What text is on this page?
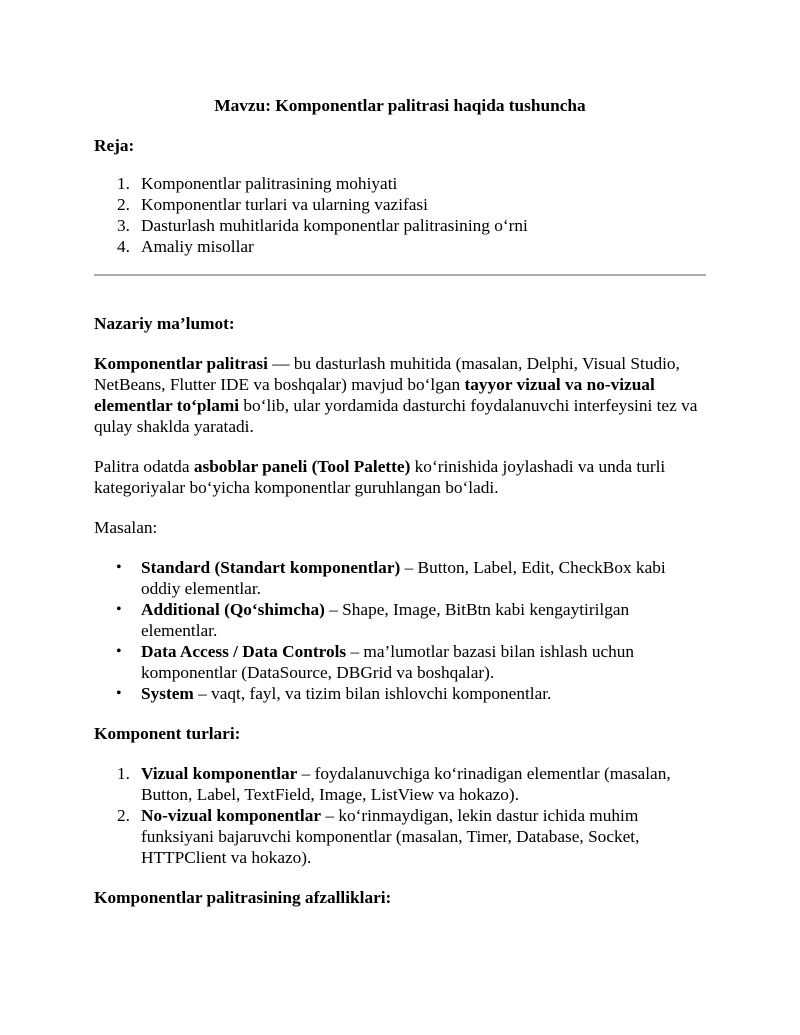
Mavzu: Komponentlar palitrasi haqida tushuncha

Reja:

1. Komponentlar palitrasining mohiyati
2. Komponentlar turlari va ularning vazifasi
3. Dasturlash muhitlarida komponentlar palitrasining o‘rni
4. Amaliy misollar

Nazariy ma’lumot:

Komponentlar palitrasi — bu dasturlash muhitida (masalan, Delphi, Visual Studio, NetBeans, Flutter IDE va boshqalar) mavjud bo‘lgan tayyor vizual va no-vizual elementlar to‘plami bo‘lib, ular yordamida dasturchi foydalanuvchi interfeysini tez va qulay shaklda yaratadi.

Palitra odatda asboblar paneli (Tool Palette) ko‘rinishida joylashadi va unda turli kategoriyalar bo‘yicha komponentlar guruhlangan bo‘ladi.

Masalan:

• Standard (Standart komponentlar) – Button, Label, Edit, CheckBox kabi oddiy elementlar.
• Additional (Qo‘shimcha) – Shape, Image, BitBtn kabi kengaytirilgan elementlar.
• Data Access / Data Controls – ma’lumotlar bazasi bilan ishlash uchun komponentlar (DataSource, DBGrid va boshqalar).
• System – vaqt, fayl, va tizim bilan ishlovchi komponentlar.

Komponent turlari:

1. Vizual komponentlar – foydalanuvchiga ko‘rinadigan elementlar (masalan, Button, Label, TextField, Image, ListView va hokazo).
2. No-vizual komponentlar – ko‘rinmaydigan, lekin dastur ichida muhim funksiyani bajaruvchi komponentlar (masalan, Timer, Database, Socket, HTTPClient va hokazo).

Komponentlar palitrasining afzalliklari:
